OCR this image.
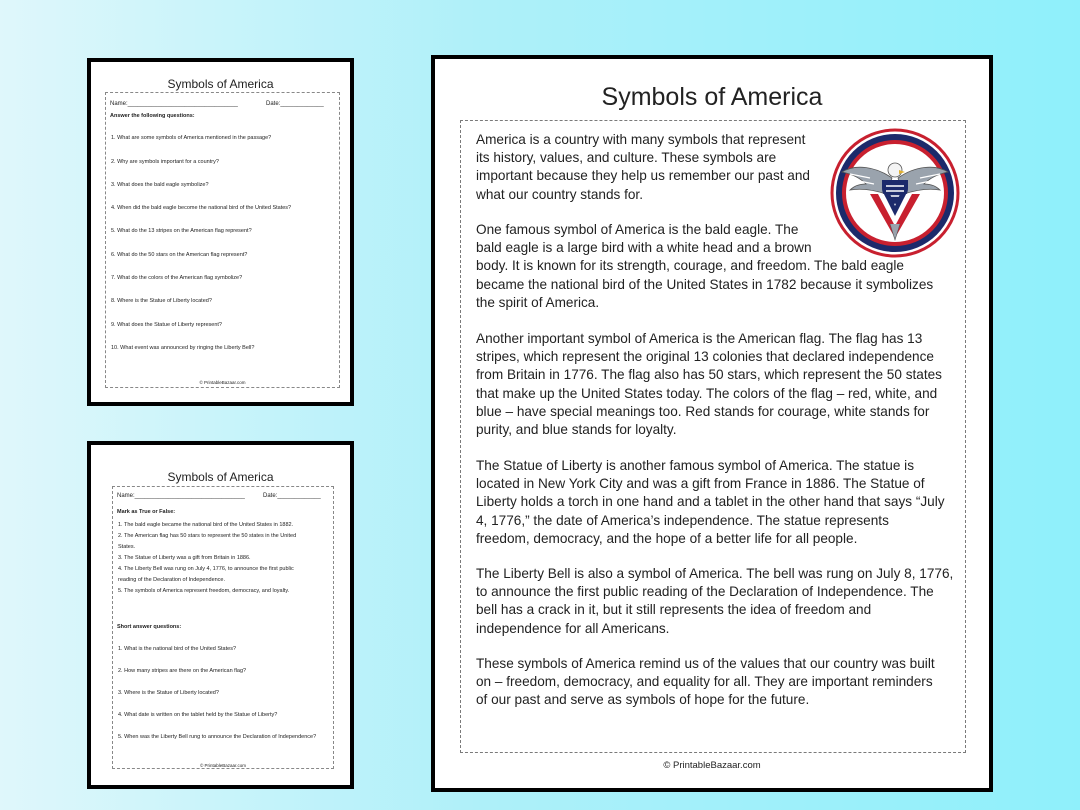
Symbols of America
Name:_________________________________	Date:_____________
Answer the following questions:
1. What are some symbols of America mentioned in the passage?
2. Why are symbols important for a country?
3. What does the bald eagle symbolize?
4. When did the bald eagle become the national bird of the United States?
5. What do the 13 stripes on the American flag represent?
6. What do the 50 stars on the American flag represent?
7. What do the colors of the American flag symbolize?
8. Where is the Statue of Liberty located?
9. What does the Statue of Liberty represent?
10. What event was announced by ringing the Liberty Bell?
© PrintableBazaar.com
Symbols of America
Name:_________________________________	Date:_____________
Mark as True or False:
1. The bald eagle became the national bird of the United States in 1882.
2. The American flag has 50 stars to represent the 50 states in the United
States.
3. The Statue of Liberty was a gift from Britain in 1886.
4. The Liberty Bell was rung on July 4, 1776, to announce the first public
reading of the Declaration of Independence.
5. The symbols of America represent freedom, democracy, and loyalty.
Short answer questions:
1. What is the national bird of the United States?
2. How many stripes are there on the American flag?
3. Where is the Statue of Liberty located?
4. What date is written on the tablet held by the Statue of Liberty?
5. When was the Liberty Bell rung to announce the Declaration of Independence?
© PrintableBazaar.com
Symbols of America
America is a country with many symbols that represent
its history, values, and culture. These symbols are
important because they help us remember our past and
what our country stands for.
One famous symbol of America is the bald eagle. The
bald eagle is a large bird with a white head and a brown
body. It is known for its strength, courage, and freedom. The bald eagle
became the national bird of the United States in 1782 because it symbolizes
the spirit of America.
Another important symbol of America is the American flag. The flag has 13
stripes, which represent the original 13 colonies that declared independence
from Britain in 1776. The flag also has 50 stars, which represent the 50 states
that make up the United States today. The colors of the flag – red, white, and
blue – have special meanings too. Red stands for courage, white stands for
purity, and blue stands for loyalty.
The Statue of Liberty is another famous symbol of America. The statue is
located in New York City and was a gift from France in 1886. The Statue of
Liberty holds a torch in one hand and a tablet in the other hand that says “July
4, 1776,” the date of America’s independence. The statue represents
freedom, democracy, and the hope of a better life for all people.
The Liberty Bell is also a symbol of America. The bell was rung on July 8, 1776,
to announce the first public reading of the Declaration of Independence. The
bell has a crack in it, but it still represents the idea of freedom and
independence for all Americans.
These symbols of America remind us of the values that our country was built
on – freedom, democracy, and equality for all. They are important reminders
of our past and serve as symbols of hope for the future.
© PrintableBazaar.com
